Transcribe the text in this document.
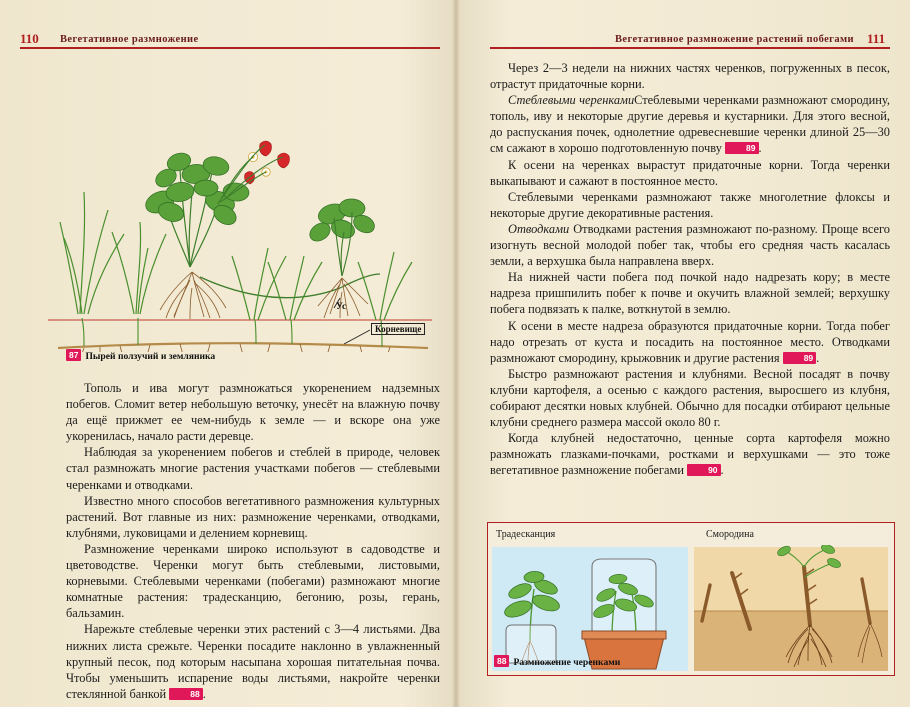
110 Вегетативное размножение
Ус
Корневище
87 Пырей ползучий и земляника

Тополь и ива могут размножаться укоренением надземных побегов. Сломит ветер небольшую веточку, унесёт на влажную почву да ещё прижмет ее чем-нибудь к земле — и вскоре она уже укоренилась, начало расти деревце.

Наблюдая за укоренением побегов и стеблей в природе, человек стал размножать многие растения участками побегов — стеблевыми черенками и отводками.

Известно много способов вегетативного размножения культурных растений. Вот главные из них: размножение черенками, отводками, клубнями, луковицами и делением корневищ.

Размножение черенками широко используют в садоводстве и цветоводстве. Черенки могут быть стеблевыми, листовыми, корневыми. Стеблевыми черенками (побегами) размножают многие комнатные растения: традесканцию, бегонию, розы, герань, бальзамин.

Нарежьте стеблевые черенки этих растений с 3—4 листьями. Два нижних листа срежьте. Черенки посадите наклонно в увлажненный крупный песок, под которым насыпана хорошая питательная почва. Чтобы уменьшить испарение воды листьями, накройте черенки стеклянной банкой	88 .

Вегетативное размножение растений побегами 111

Через 2—3 недели на нижних частях черенков, погруженных в песок, отрастут придаточные корни.

Стеблевыми черенкамиСтеблевыми черенками размножают смородину, тополь, иву и некоторые другие деревья и кустарники. Для этого весной, до распускания почек, однолетние одревесневшие черенки длиной 25—30 см сажают в хорошо подготовленную почву	89 .

К осени на черенках вырастут придаточные корни. Тогда черенки выкапывают и сажают в постоянное место.

Стеблевыми черенками размножают также многолетние флоксы и некоторые другие декоративные растения.

Отводками Отводками растения размножают по-разному. Проще всего изогнуть весной молодой побег так, чтобы его средняя часть касалась земли, а верхушка была направлена вверх.

На нижней части побега под почкой надо надрезать кору; в месте надреза пришпилить побег к почве и окучить влажной землей; верхушку побега подвязать к палке, воткнутой в землю.

К осени в месте надреза образуются придаточные корни. Тогда побег надо отрезать от куста и посадить на постоянное место. Отводками размножают смородину, крыжовник и другие растения	89 .

Быстро размножают растения и клубнями. Весной посадят в почву клубни картофеля, а осенью с каждого растения, выросшего из клубня, собирают десятки новых клубней. Обычно для посадки отбирают цельные клубни среднего размера массой около 80 г.

Когда клубней недостаточно, ценные сорта картофеля можно размножать глазками-почками, ростками и верхушками — это тоже вегетативное размножение побегами	90 .

Традесканция	Смородина
88 Размножение черенками
